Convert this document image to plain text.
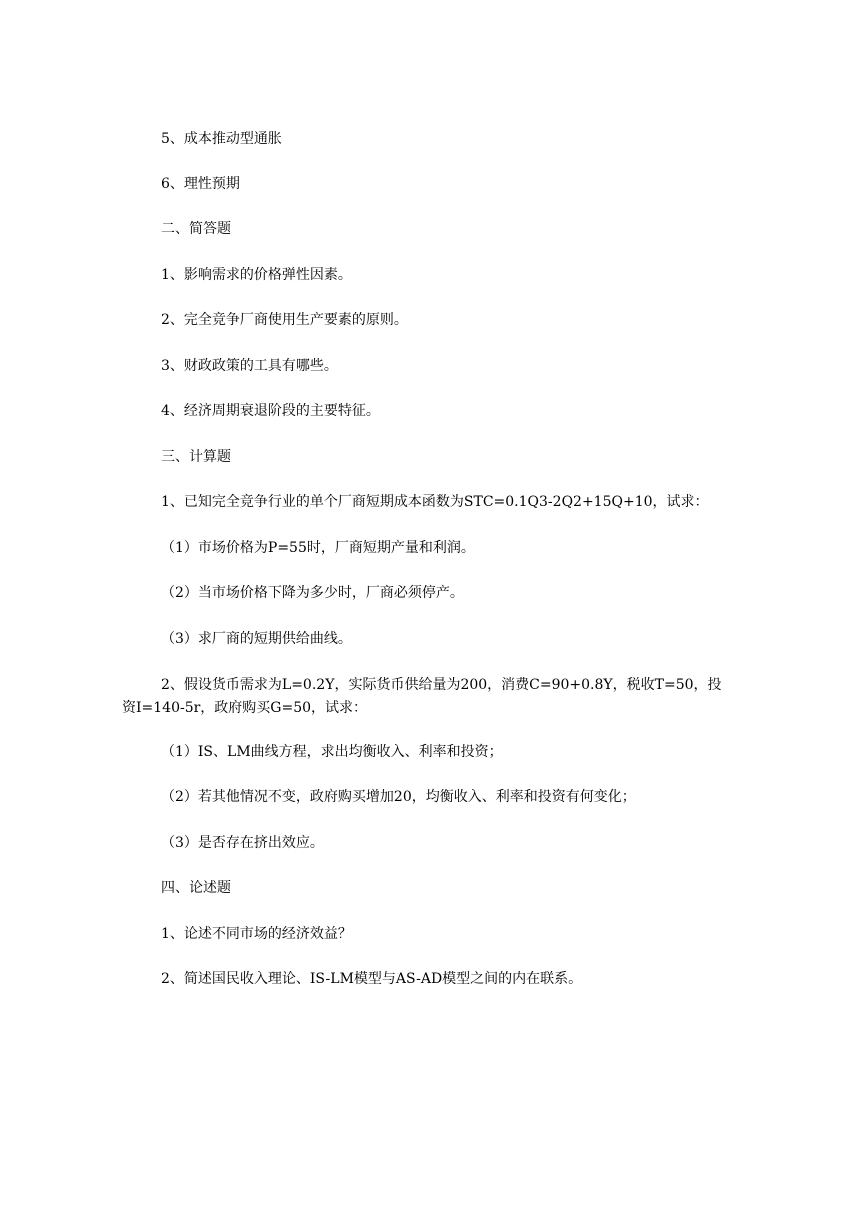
5、成本推动型通胀
6、理性预期
二、简答题
1、影响需求的价格弹性因素。
2、完全竞争厂商使用生产要素的原则。
3、财政政策的工具有哪些。
4、经济周期衰退阶段的主要特征。
三、计算题
1、已知完全竞争行业的单个厂商短期成本函数为STC=0.1Q3-2Q2+15Q+10，试求：
（1）市场价格为P=55时，厂商短期产量和利润。
（2）当市场价格下降为多少时，厂商必须停产。
（3）求厂商的短期供给曲线。
2、假设货币需求为L=0.2Y，实际货币供给量为200，消费C=90+0.8Y，税收T=50，投
资I=140-5r，政府购买G=50，试求：
（1）IS、LM曲线方程，求出均衡收入、利率和投资；
（2）若其他情况不变，政府购买增加20，均衡收入、利率和投资有何变化；
（3）是否存在挤出效应。
四、论述题
1、论述不同市场的经济效益？
2、简述国民收入理论、IS-LM模型与AS-AD模型之间的内在联系。
